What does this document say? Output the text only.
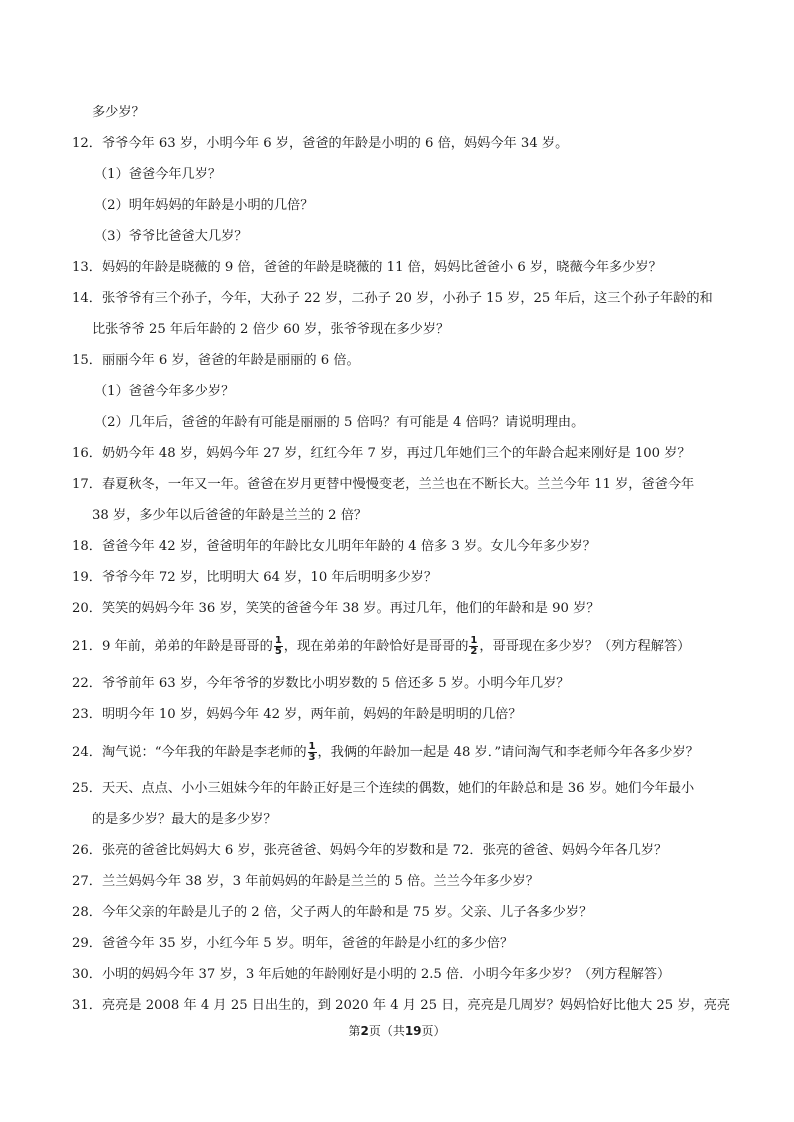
多少岁？
12．爷爷今年 63 岁，小明今年 6 岁，爸爸的年龄是小明的 6 倍，妈妈今年 34 岁。
（1）爸爸今年几岁？
（2）明年妈妈的年龄是小明的几倍？
（3）爷爷比爸爸大几岁？
13．妈妈的年龄是晓薇的 9 倍，爸爸的年龄是晓薇的 11 倍，妈妈比爸爸小 6 岁，晓薇今年多少岁？
14．张爷爷有三个孙子，今年，大孙子 22 岁，二孙子 20 岁，小孙子 15 岁，25 年后，这三个孙子年龄的和
比张爷爷 25 年后年龄的 2 倍少 60 岁，张爷爷现在多少岁？
15．丽丽今年 6 岁，爸爸的年龄是丽丽的 6 倍。
（1）爸爸今年多少岁？
（2）几年后，爸爸的年龄有可能是丽丽的 5 倍吗？有可能是 4 倍吗？请说明理由。
16．奶奶今年 48 岁，妈妈今年 27 岁，红红今年 7 岁，再过几年她们三个的年龄合起来刚好是 100 岁？
17．春夏秋冬，一年又一年。爸爸在岁月更替中慢慢变老，兰兰也在不断长大。兰兰今年 11 岁，爸爸今年
38 岁，多少年以后爸爸的年龄是兰兰的 2 倍？
18．爸爸今年 42 岁，爸爸明年的年龄比女儿明年年龄的 4 倍多 3 岁。女儿今年多少岁？
19．爷爷今年 72 岁，比明明大 64 岁，10 年后明明多少岁？
20．笑笑的妈妈今年 36 岁，笑笑的爸爸今年 38 岁。再过几年，他们的年龄和是 90 岁？
21．9 年前，弟弟的年龄是哥哥的 $\frac{1}{5}$ ，现在弟弟的年龄恰好是哥哥的 $\frac{1}{2}$ ，哥哥现在多少岁？（列方程解答）
22．爷爷前年 63 岁，今年爷爷的岁数比小明岁数的 5 倍还多 5 岁。小明今年几岁？
23．明明今年 10 岁，妈妈今年 42 岁，两年前，妈妈的年龄是明明的几倍？
24．淘气说：“今年我的年龄是李老师的 $\frac{1}{3}$ ，我俩的年龄加一起是 48 岁．”请问淘气和李老师今年各多少岁？
25．天天、点点、小小三姐妹今年的年龄正好是三个连续的偶数，她们的年龄总和是 36 岁。她们今年最小
的是多少岁？最大的是多少岁？
26．张亮的爸爸比妈妈大 6 岁，张亮爸爸、妈妈今年的岁数和是 72．张亮的爸爸、妈妈今年各几岁？
27．兰兰妈妈今年 38 岁，3 年前妈妈的年龄是兰兰的 5 倍。兰兰今年多少岁？
28．今年父亲的年龄是儿子的 2 倍，父子两人的年龄和是 75 岁。父亲、儿子各多少岁？
29．爸爸今年 35 岁，小红今年 5 岁。明年，爸爸的年龄是小红的多少倍？
30．小明的妈妈今年 37 岁，3 年后她的年龄刚好是小明的 2.5 倍．小明今年多少岁？（列方程解答）
31．亮亮是 2008 年 4 月 25 日出生的，到 2020 年 4 月 25 日，亮亮是几周岁？妈妈恰好比他大 25 岁，亮亮
第2页（共19页）
